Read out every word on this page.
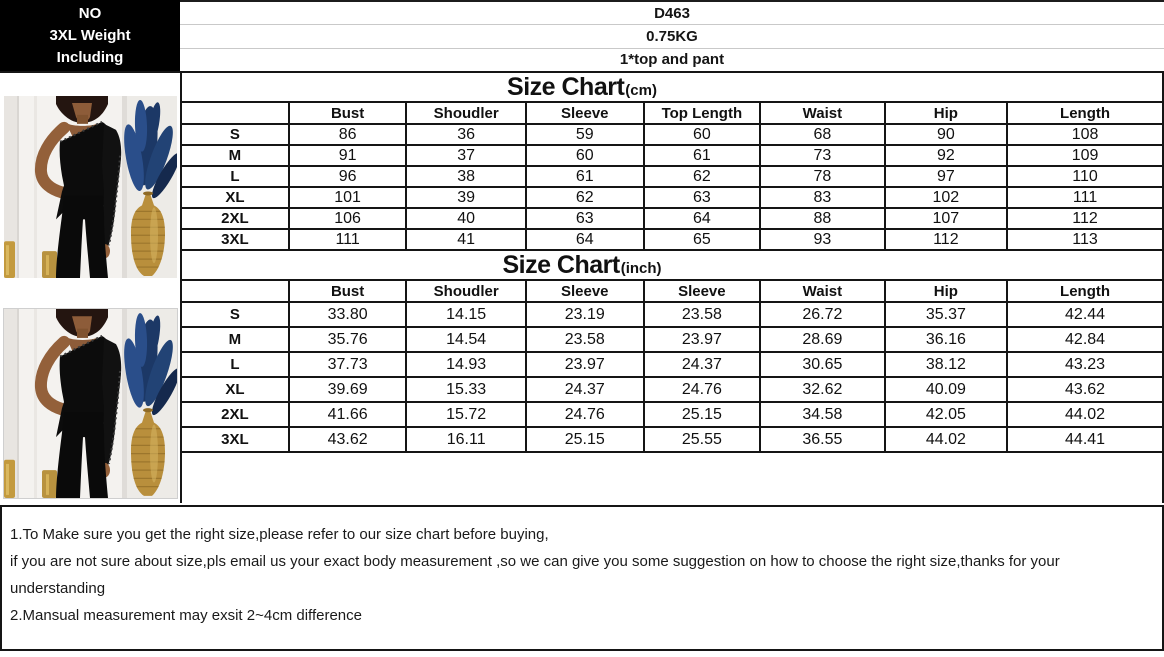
NO
3XL Weight
Including
D463
0.75KG
1*top and pant
Size Chart (cm)
	Bust	Shoudler	Sleeve	Top Length	Waist	Hip	Length
S	86	36	59	60	68	90	108
M	91	37	60	61	73	92	109
L	96	38	61	62	78	97	110
XL	101	39	62	63	83	102	111
2XL	106	40	63	64	88	107	112
3XL	111	41	64	65	93	112	113
Size Chart (inch)
	Bust	Shoudler	Sleeve	Sleeve	Waist	Hip	Length
S	33.80	14.15	23.19	23.58	26.72	35.37	42.44
M	35.76	14.54	23.58	23.97	28.69	36.16	42.84
L	37.73	14.93	23.97	24.37	30.65	38.12	43.23
XL	39.69	15.33	24.37	24.76	32.62	40.09	43.62
2XL	41.66	15.72	24.76	25.15	34.58	42.05	44.02
3XL	43.62	16.11	25.15	25.55	36.55	44.02	44.41
1.To Make sure you get the right size,please refer to our size chart before buying,
if you are not sure about size,pls email us your exact body measurement ,so we can give you some suggestion on how to choose the right size,thanks for your
understanding
2.Mansual measurement may exsit 2~4cm difference
